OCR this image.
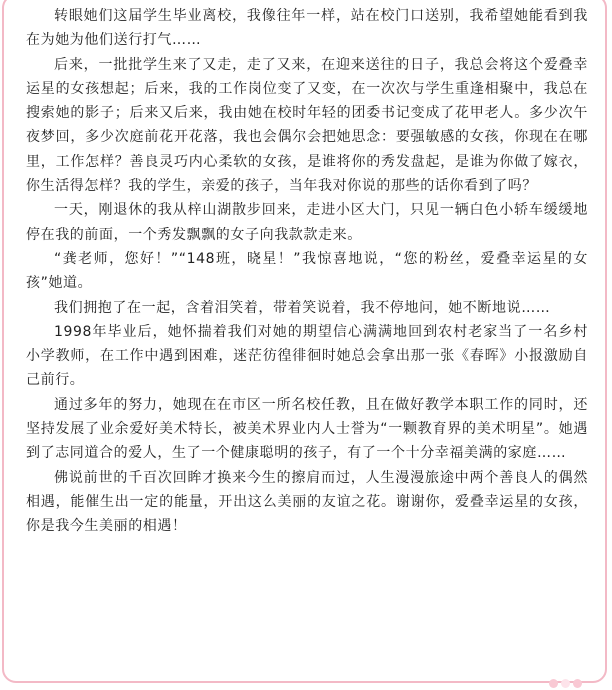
转眼她们这届学生毕业离校，我像往年一样，站在校门口送别，我希望她能看到我在为她为他们送行打气……

后来，一批批学生来了又走，走了又来，在迎来送往的日子，我总会将这个爱叠幸运星的女孩想起；后来，我的工作岗位变了又变，在一次次与学生重逢相聚中，我总在搜索她的影子；后来又后来，我由她在校时年轻的团委书记变成了花甲老人。多少次午夜梦回，多少次庭前花开花落，我也会偶尔会把她思念：要强敏感的女孩，你现在在哪里，工作怎样？善良灵巧内心柔软的女孩，是谁将你的秀发盘起，是谁为你做了嫁衣，你生活得怎样？我的学生，亲爱的孩子，当年我对你说的那些的话你看到了吗？

一天，刚退休的我从梓山湖散步回来，走进小区大门，只见一辆白色小轿车缓缓地停在我的前面，一个秀发飘飘的女子向我款款走来。

“龚老师，您好！”“148班，晓星！”我惊喜地说，“您的粉丝，爱叠幸运星的女孩”她道。

我们拥抱了在一起，含着泪笑着，带着笑说着，我不停地问，她不断地说……

1998年毕业后，她怀揣着我们对她的期望信心满满地回到农村老家当了一名乡村小学教师，在工作中遇到困难，迷茫彷徨徘徊时她总会拿出那一张《春晖》小报激励自己前行。

通过多年的努力，她现在在市区一所名校任教，且在做好教学本职工作的同时，还坚持发展了业余爱好美术特长，被美术界业内人士誉为“一颗教育界的美术明星”。她遇到了志同道合的爱人，生了一个健康聪明的孩子，有了一个十分幸福美满的家庭……

佛说前世的千百次回眸才换来今生的擦肩而过，人生漫漫旅途中两个善良人的偶然相遇，能催生出一定的能量，开出这么美丽的友谊之花。谢谢你，爱叠幸运星的女孩，你是我今生美丽的相遇！
